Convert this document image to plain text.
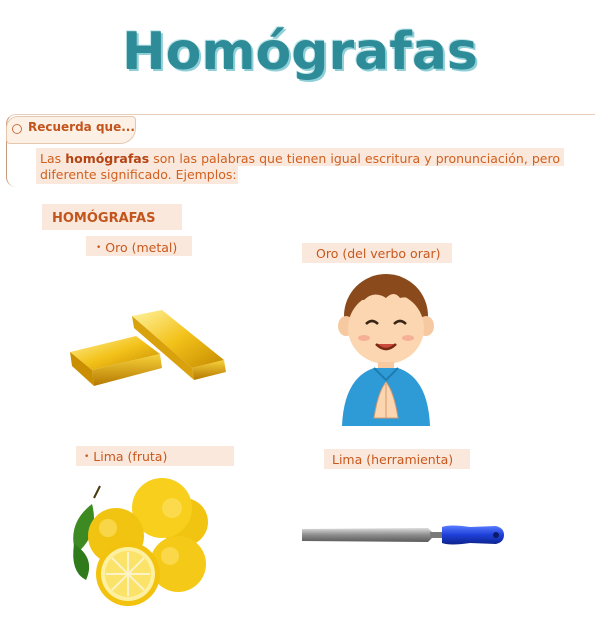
Homógrafas
Recuerda que...
Las homógrafas son las palabras que tienen igual escritura y pronunciación, pero diferente significado. Ejemplos:
HOMÓGRAFAS
• Oro (metal)	Oro (del verbo orar)
• Lima (fruta)	Lima (herramienta)
